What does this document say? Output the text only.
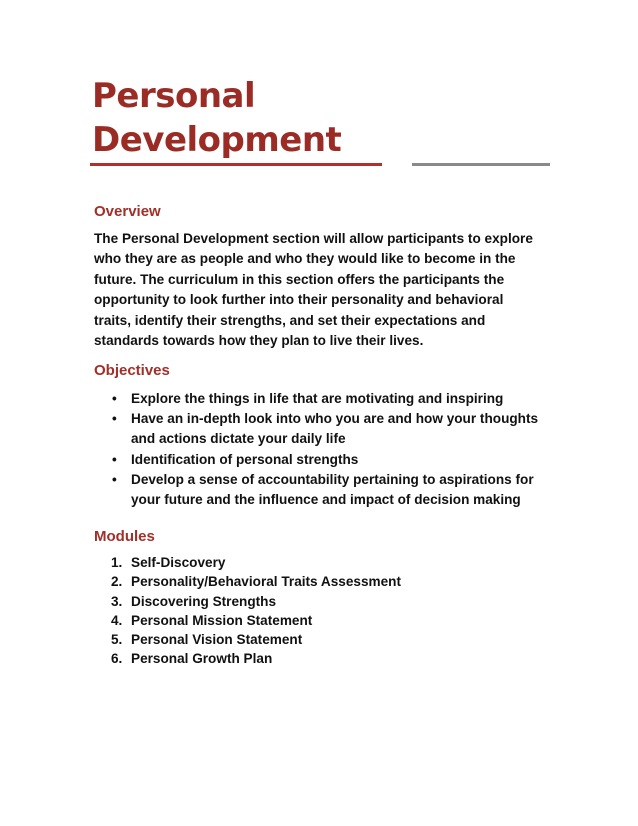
Personal
Development
Overview

The Personal Development section will allow participants to explore who they are as people and who they would like to become in the future. The curriculum in this section offers the participants the opportunity to look further into their personality and behavioral traits, identify their strengths, and set their expectations and standards towards how they plan to live their lives.

Objectives
• Explore the things in life that are motivating and inspiring
• Have an in-depth look into who you are and how your thoughts and actions dictate your daily life
• Identification of personal strengths
• Develop a sense of accountability pertaining to aspirations for your future and the influence and impact of decision making
Modules
1. Self-Discovery
2. Personality/Behavioral Traits Assessment
3. Discovering Strengths
4. Personal Mission Statement
5. Personal Vision Statement
6. Personal Growth Plan
